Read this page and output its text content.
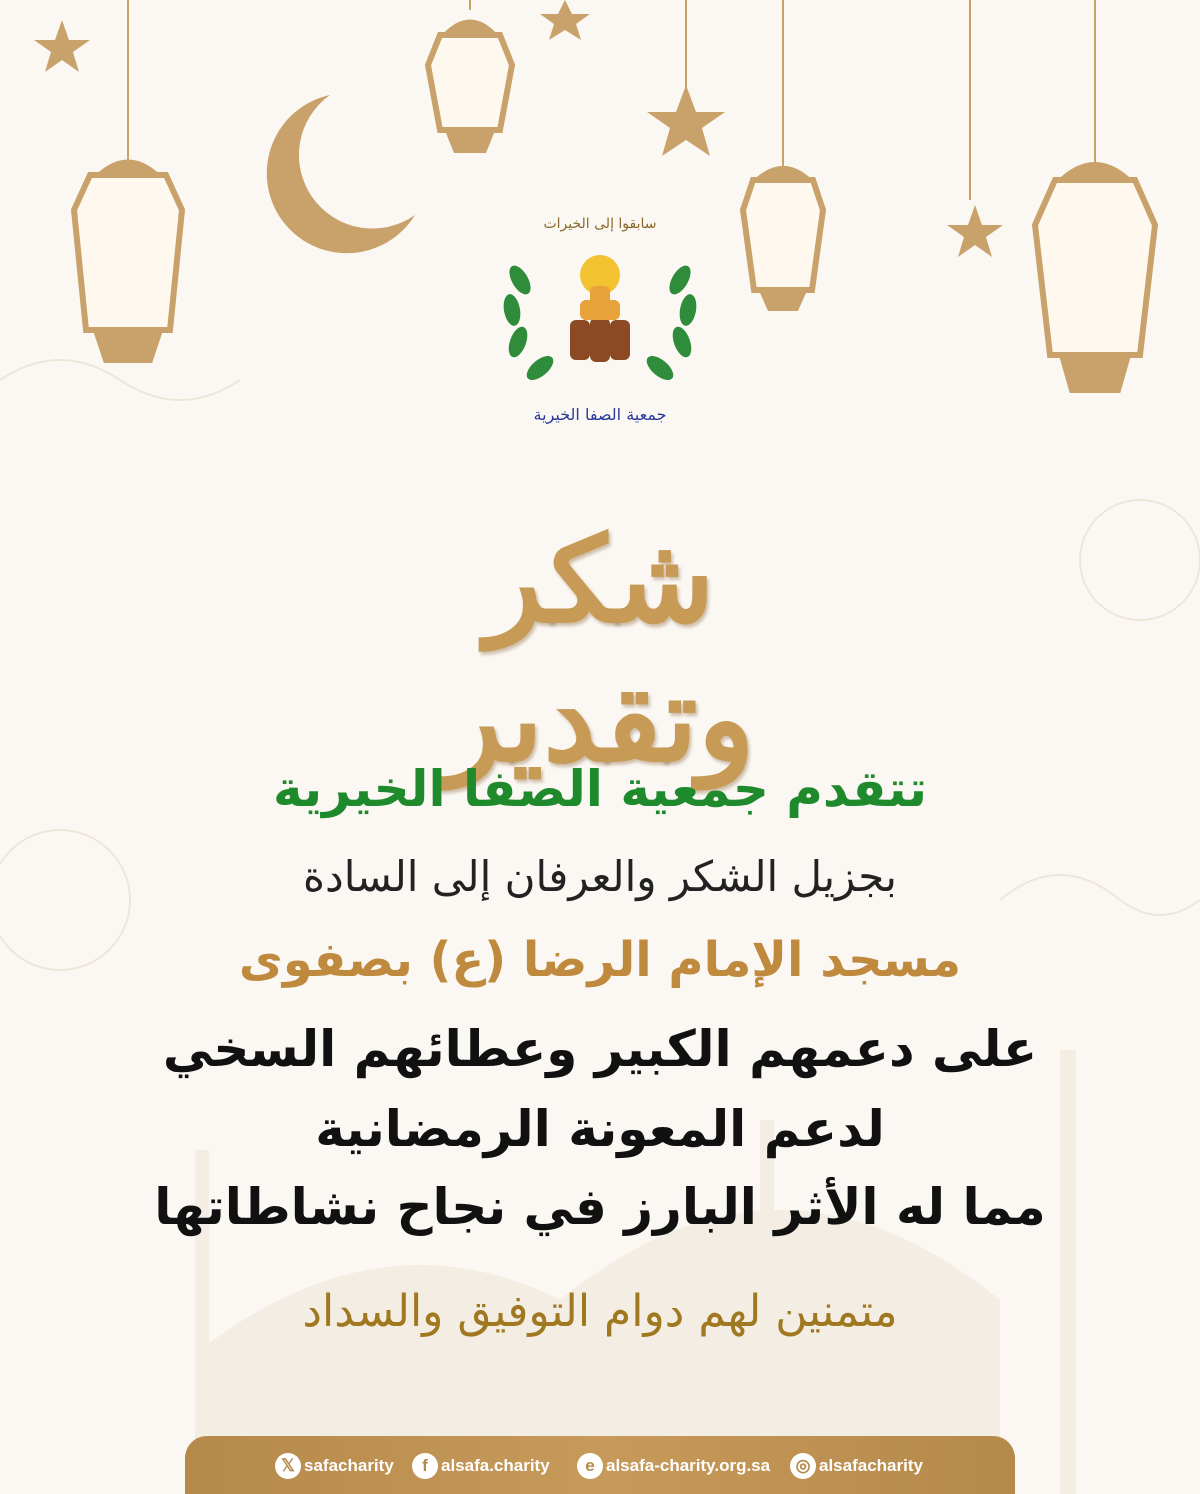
سابقوا إلى الخيرات
جمعية الصفا الخيرية
شكر وتقدير
تتقدم جمعية الصفا الخيرية
بجزيل الشكر والعرفان إلى السادة
مسجد الإمام الرضا (ع) بصفوى
على دعمهم الكبير وعطائهم السخي
لدعم المعونة الرمضانية
مما له الأثر البارز في نجاح نشاطاتها
متمنين لهم دوام التوفيق والسداد
𝕏 safacharity	f alsafa.charity	e alsafa-charity.org.sa	◎ alsafacharity
